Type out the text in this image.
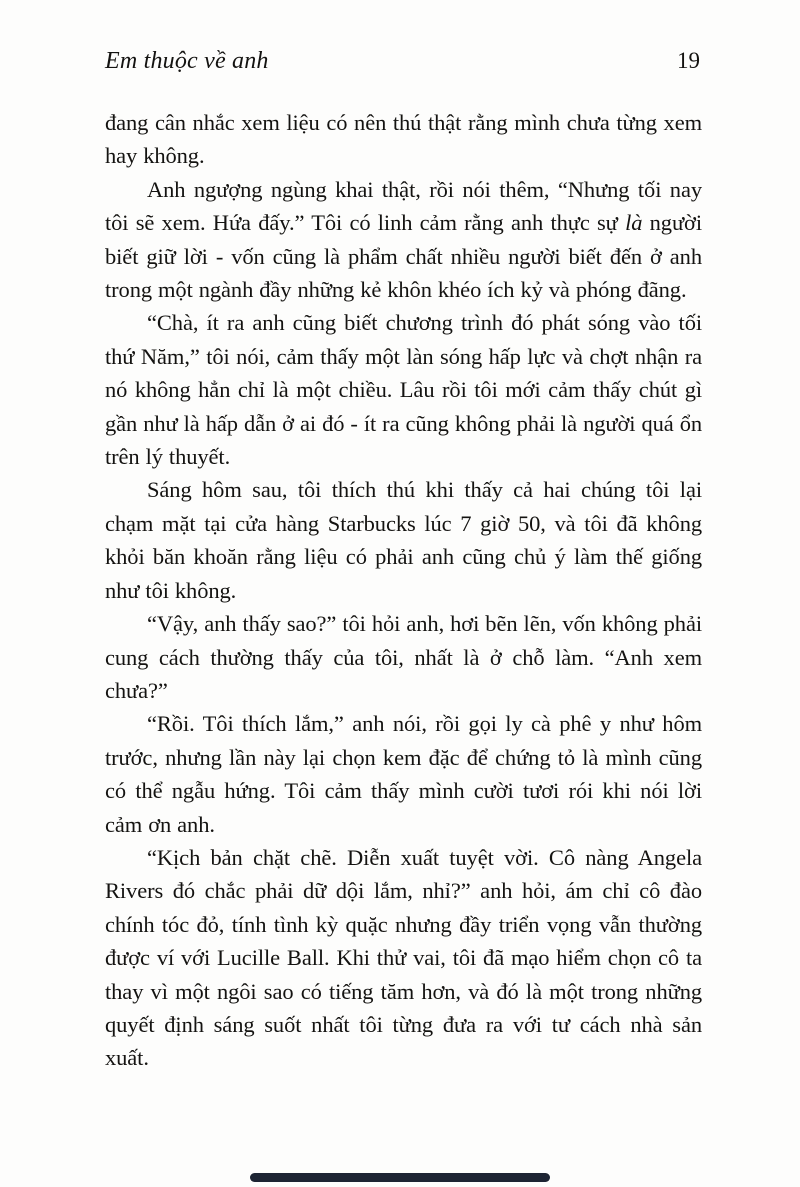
Em thuộc về anh	19

đang cân nhắc xem liệu có nên thú thật rằng mình chưa từng xem hay không.

Anh ngượng ngùng khai thật, rồi nói thêm, “Nhưng tối nay tôi sẽ xem. Hứa đấy.” Tôi có linh cảm rằng anh thực sự là người biết giữ lời - vốn cũng là phẩm chất nhiều người biết đến ở anh trong một ngành đầy những kẻ khôn khéo ích kỷ và phóng đãng.

“Chà, ít ra anh cũng biết chương trình đó phát sóng vào tối thứ Năm,” tôi nói, cảm thấy một làn sóng hấp lực và chợt nhận ra nó không hẳn chỉ là một chiều. Lâu rồi tôi mới cảm thấy chút gì gần như là hấp dẫn ở ai đó - ít ra cũng không phải là người quá ổn trên lý thuyết.

Sáng hôm sau, tôi thích thú khi thấy cả hai chúng tôi lại chạm mặt tại cửa hàng Starbucks lúc 7 giờ 50, và tôi đã không khỏi băn khoăn rằng liệu có phải anh cũng chủ ý làm thế giống như tôi không.

“Vậy, anh thấy sao?” tôi hỏi anh, hơi bẽn lẽn, vốn không phải cung cách thường thấy của tôi, nhất là ở chỗ làm. “Anh xem chưa?”

“Rồi. Tôi thích lắm,” anh nói, rồi gọi ly cà phê y như hôm trước, nhưng lần này lại chọn kem đặc để chứng tỏ là mình cũng có thể ngẫu hứng. Tôi cảm thấy mình cười tươi rói khi nói lời cảm ơn anh.

“Kịch bản chặt chẽ. Diễn xuất tuyệt vời. Cô nàng Angela Rivers đó chắc phải dữ dội lắm, nhỉ?” anh hỏi, ám chỉ cô đào chính tóc đỏ, tính tình kỳ quặc nhưng đầy triển vọng vẫn thường được ví với Lucille Ball. Khi thử vai, tôi đã mạo hiểm chọn cô ta thay vì một ngôi sao có tiếng tăm hơn, và đó là một trong những quyết định sáng suốt nhất tôi từng đưa ra với tư cách nhà sản xuất.
